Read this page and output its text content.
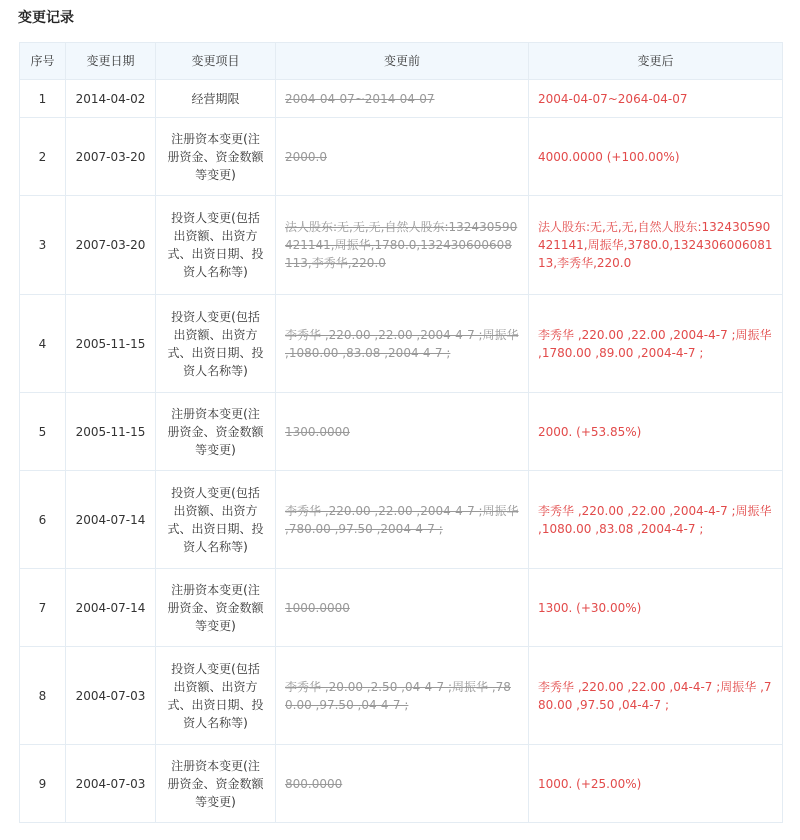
变更记录
序号	变更日期	变更项目	变更前	变更后
1	2014-04-02	经营期限	2004-04-07~2014-04-07	2004-04-07~2064-04-07
2	2007-03-20	注册资本变更(注册资金、资金数额等变更)	2000.0	4000.0000 (+100.00%)
3	2007-03-20	投资人变更(包括出资额、出资方式、出资日期、投资人名称等)	法人股东:无,无,无,自然人股东:132430590421141,周振华,1780.0,132430600608113,李秀华,220.0	法人股东:无,无,无,自然人股东:132430590421141,周振华,3780.0,132430600608113,李秀华,220.0
4	2005-11-15	投资人变更(包括出资额、出资方式、出资日期、投资人名称等)	李秀华 ,220.00 ,22.00 ,2004-4-7 ;周振华 ,1080.00 ,83.08 ,2004-4-7 ;	李秀华 ,220.00 ,22.00 ,2004-4-7 ;周振华 ,1780.00 ,89.00 ,2004-4-7 ;
5	2005-11-15	注册资本变更(注册资金、资金数额等变更)	1300.0000	2000. (+53.85%)
6	2004-07-14	投资人变更(包括出资额、出资方式、出资日期、投资人名称等)	李秀华 ,220.00 ,22.00 ,2004-4-7 ;周振华 ,780.00 ,97.50 ,2004-4-7 ;	李秀华 ,220.00 ,22.00 ,2004-4-7 ;周振华 ,1080.00 ,83.08 ,2004-4-7 ;
7	2004-07-14	注册资本变更(注册资金、资金数额等变更)	1000.0000	1300. (+30.00%)
8	2004-07-03	投资人变更(包括出资额、出资方式、出资日期、投资人名称等)	李秀华 ,20.00 ,2.50 ,04-4-7 ;周振华 ,780.00 ,97.50 ,04-4-7 ;	李秀华 ,220.00 ,22.00 ,04-4-7 ;周振华 ,780.00 ,97.50 ,04-4-7 ;
9	2004-07-03	注册资本变更(注册资金、资金数额等变更)	800.0000	1000. (+25.00%)
